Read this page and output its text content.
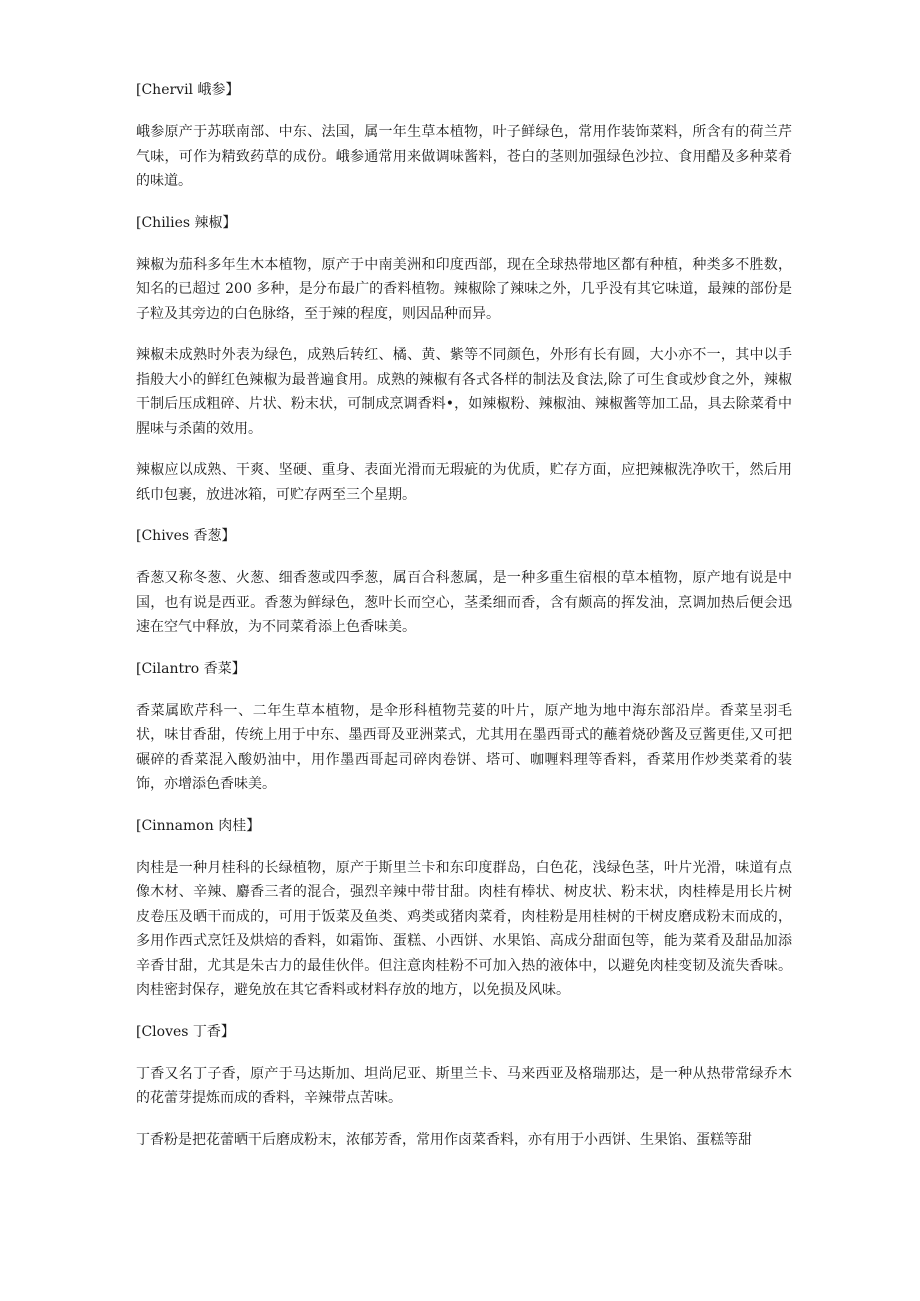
[Chervil 峨参】

峨参原产于苏联南部、中东、法国，属一年生草本植物，叶子鲜绿色，常用作装饰菜料，所含有的荷兰芹气味，可作为精致药草的成份。峨参通常用来做调味酱料，苍白的茎则加强绿色沙拉、食用醋及多种菜肴的味道。

[Chilies 辣椒】

辣椒为茄科多年生木本植物，原产于中南美洲和印度西部，现在全球热带地区都有种植，种类多不胜数，知名的已超过 200 多种，是分布最广的香料植物。辣椒除了辣味之外，几乎没有其它味道，最辣的部份是子粒及其旁边的白色脉络，至于辣的程度，则因品种而异。

辣椒未成熟时外表为绿色，成熟后转红、橘、黄、紫等不同颜色，外形有长有圆，大小亦不一，其中以手指般大小的鲜红色辣椒为最普遍食用。成熟的辣椒有各式各样的制法及食法,除了可生食或炒食之外，辣椒干制后压成粗碎、片状、粉末状，可制成烹调香料•，如辣椒粉、辣椒油、辣椒酱等加工品，具去除菜肴中腥味与杀菌的效用。

辣椒应以成熟、干爽、坚硬、重身、表面光滑而无瑕疵的为优质，贮存方面，应把辣椒洗净吹干，然后用纸巾包裹，放进冰箱，可贮存两至三个星期。

[Chives 香葱】

香葱又称冬葱、火葱、细香葱或四季葱，属百合科葱属，是一种多重生宿根的草本植物，原产地有说是中国，也有说是西亚。香葱为鲜绿色，葱叶长而空心，茎柔细而香，含有颇高的挥发油，烹调加热后便会迅速在空气中释放，为不同菜肴添上色香味美。

[Cilantro 香菜】

香菜属欧芹科一、二年生草本植物，是伞形科植物芫荽的叶片，原产地为地中海东部沿岸。香菜呈羽毛状，味甘香甜，传统上用于中东、墨西哥及亚洲菜式，尤其用在墨西哥式的蘸着烧砂酱及豆酱更佳,又可把碾碎的香菜混入酸奶油中，用作墨西哥起司碎肉卷饼、塔可、咖喱料理等香料，香菜用作炒类菜肴的装饰，亦增添色香味美。

[Cinnamon 肉桂】

肉桂是一种月桂科的长绿植物，原产于斯里兰卡和东印度群岛，白色花，浅绿色茎，叶片光滑，味道有点像木材、辛辣、麝香三者的混合，强烈辛辣中带甘甜。肉桂有棒状、树皮状、粉末状，肉桂棒是用长片树皮卷压及晒干而成的，可用于饭菜及鱼类、鸡类或猪肉菜肴，肉桂粉是用桂树的干树皮磨成粉末而成的，多用作西式烹饪及烘焙的香料，如霜饰、蛋糕、小西饼、水果馅、高成分甜面包等，能为菜肴及甜品加添辛香甘甜，尤其是朱古力的最佳伙伴。但注意肉桂粉不可加入热的液体中，以避免肉桂变韧及流失香味。肉桂密封保存，避免放在其它香料或材料存放的地方，以免损及风味。

[Cloves 丁香】

丁香又名丁子香，原产于马达斯加、坦尚尼亚、斯里兰卡、马来西亚及格瑞那达，是一种从热带常绿乔木的花蕾芽提炼而成的香料，辛辣带点苦味。

丁香粉是把花蕾晒干后磨成粉末，浓郁芳香，常用作卤菜香料，亦有用于小西饼、生果馅、蛋糕等甜
